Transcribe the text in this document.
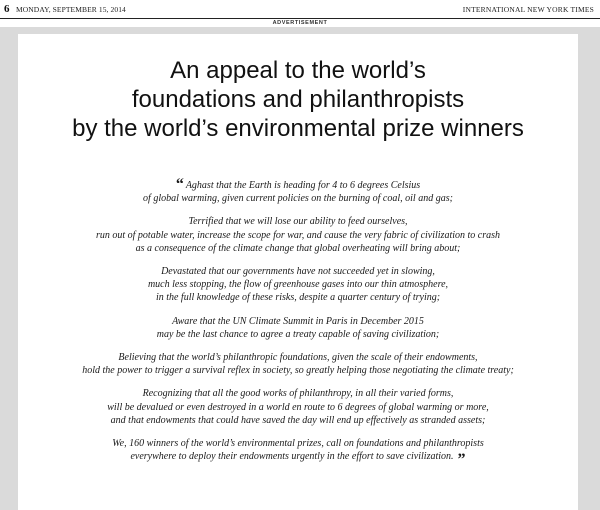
6 MONDAY, SEPTEMBER 15, 2014	INTERNATIONAL NEW YORK TIMES
ADVERTISEMENT
An appeal to the world’s
foundations and philanthropists
by the world’s environmental prize winners
“ Aghast that the Earth is heading for 4 to 6 degrees Celsius
of global warming, given current policies on the burning of coal, oil and gas;
Terrified that we will lose our ability to feed ourselves,
run out of potable water, increase the scope for war, and cause the very fabric of civilization to crash
as a consequence of the climate change that global overheating will bring about;
Devastated that our governments have not succeeded yet in slowing,
much less stopping, the flow of greenhouse gases into our thin atmosphere,
in the full knowledge of these risks, despite a quarter century of trying;
Aware that the UN Climate Summit in Paris in December 2015
may be the last chance to agree a treaty capable of saving civilization;
Believing that the world’s philanthropic foundations, given the scale of their endowments,
hold the power to trigger a survival reflex in society, so greatly helping those negotiating the climate treaty;
Recognizing that all the good works of philanthropy, in all their varied forms,
will be devalued or even destroyed in a world en route to 6 degrees of global warming or more,
and that endowments that could have saved the day will end up effectively as stranded assets;
We, 160 winners of the world’s environmental prizes, call on foundations and philanthropists
everywhere to deploy their endowments urgently in the effort to save civilization. ”
